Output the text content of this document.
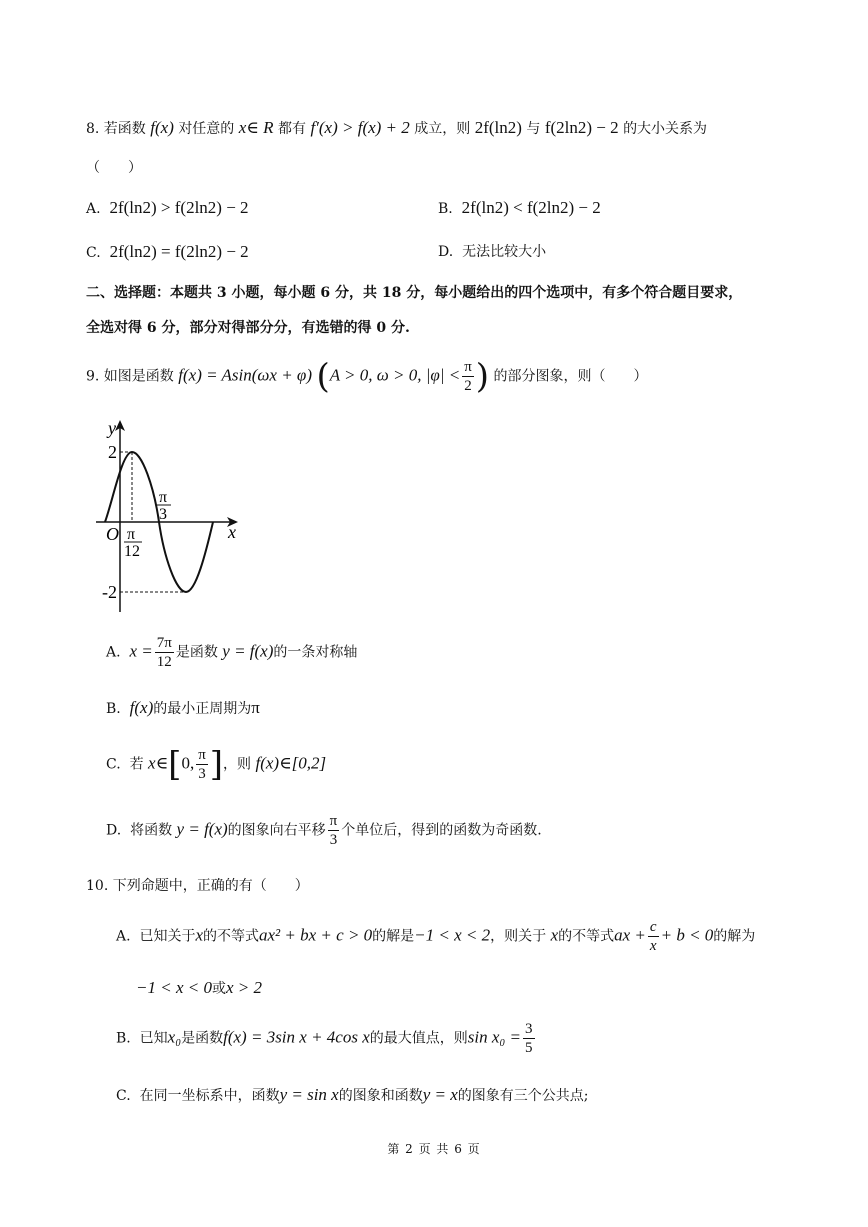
8. 若函数 f(x) 对任意的 x∈ R 都有 f′(x) > f(x) + 2 成立，则 2f(ln2) 与 f(2ln2) − 2 的大小关系为
（　　）
A. 2f(ln2) > f(2ln2) − 2	B. 2f(ln2) < f(2ln2) − 2
C. 2f(ln2) = f(2ln2) − 2	D. 无法比较大小
二、选择题：本题共 3 小题，每小题 6 分，共 18 分，每小题给出的四个选项中，有多个符合题目要求，
全选对得 6 分，部分对得部分分，有选错的得 0 分.
9. 如图是函数 f(x) = Asin(ωx + φ) (A > 0, ω > 0, $|\varphi| < \frac{\pi}{2}$ ) 的部分图象，则（　　）
y
x
O
2
-2
π
12
π
3
A. $x = \frac{7\pi}{12}$ 是函数 y = f(x)的一条对称轴
B. f(x)的最小正周期为π
C. 若 x∈[0, $\frac{\pi}{3}$ ]，则 f(x)∈[0,2]
D. 将函数 y = f(x)的图象向右平移 $\frac{\pi}{3}$ 个单位后，得到的函数为奇函数.
10. 下列命题中，正确的有（　　）
A. 已知关于x的不等式ax² + bx + c > 0的解是−1 < x < 2，则关于 x的不等式ax + $\frac{c}{x} + b < 0$的解为
−1 < x < 0或x > 2
B. 已知x₀是函数f(x) = 3sin x + 4cos x的最大值点，则$\sin x_0 = \frac{3}{5}$
C. 在同一坐标系中，函数y = sin x的图象和函数y = x的图象有三个公共点;
第 2 页 共 6 页
